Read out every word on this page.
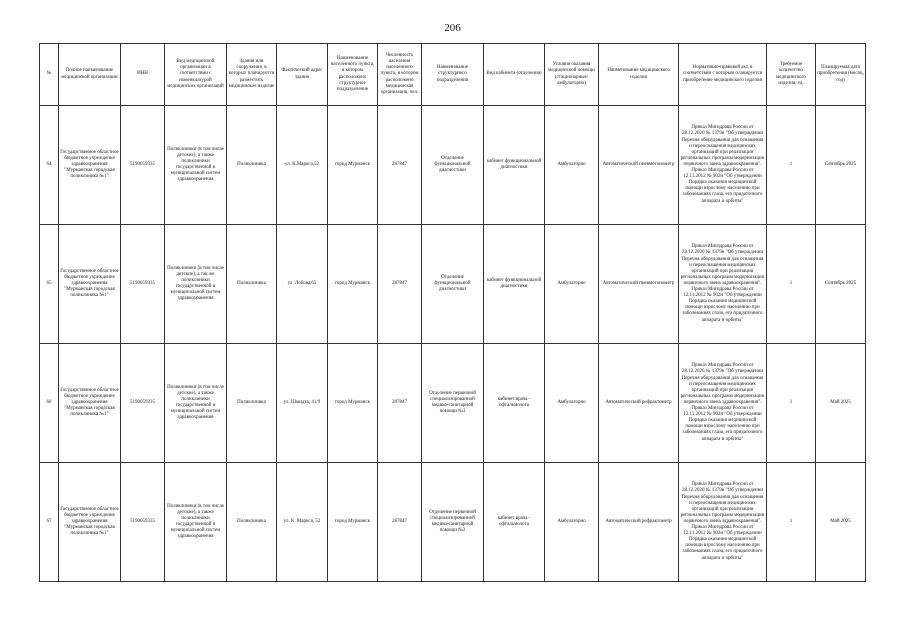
206
№	Полное наименование медицинской организации	ИНН	Вид медицинской организации в соответствии с номенклатурой медицинских организаций	Здания или сооружения, в которых планируется разместить медицинское изделие	Фактический адрес здания	Наименование населенного пункта, в котором расположено структурное подразделение	Численность населения населенного пункта, в котором расположено медицинская организация, чел.	Наименование структурного подразделения	Вид кабинета (отделения)	Условия оказания медицинской помощи (стационарные/амбулаторно)	Наименование медицинского изделия	Нормативно-правовой акт, в соответствии с которым планируется приобретение медицинского изделия	Требуемое количество медицинского изделия, ед.	Планируемая дата приобретения (месяц, год)
64	Государственное областное бюджетное учреждение здравоохранения "Мурманская городская поликлиника №1"	5190059335	Поликлиники (в том числе детские), а также поликлиники государственной и муниципальной систем здравоохранения	Поликлиника	ул. К.Маркса,52	город Мурманск	287847	Отделение функциональной диагностики	кабинет функциональной диагностики	Амбулаторно	Автоматический пневмотонометр	Приказ Минздрава России от 28.12.2020 № 1379н "Об утверждении Перечня оборудования для оснащения и переоснащения медицинских организаций при реализации региональных программ модернизации первичного звена здравоохранения". Приказ Минздрава России от 12.11.2012 № 902н "Об утверждении Порядка оказания медицинской помощи взрослому населению при заболеваниях глаза, его придаточного аппарата и орбиты"	1	Сентябрь 2025
65	Государственное областное бюджетное учреждение здравоохранения "Мурманская городская поликлиника №1"	5190059335	Поликлиники (в том числе детские), а так же поликлиники государственной и муниципальной систем здравоохранения	Поликлиника	ул. Лобова,65	город Мурманск	287847	Отделение функциональной диагностики	кабинет функциональной диагностики	Амбулаторно	Автоматический пневмотонометр	Приказ Минздрава России от 28.12.2020 № 1379н "Об утверждении Перечня оборудования для оснащения и переоснащения медицинских организаций при реализации региональных программ модернизации первичного звена здравоохранения". Приказ Минздрава России от 12.11.2012 № 902н "Об утверждении Порядка оказания медицинской помощи взрослому населению при заболеваниях глаза, его придаточного аппарата и орбиты"	1	Сентябрь 2025
66	Государственное областное бюджетное учреждение здравоохранения "Мурманская городская поликлиника №1"	5190059335	Поликлиники (в том числе детские), а также поликлиники государственной и муниципальной систем здравоохранения	Поликлиника	ул. Шмидта, 41/9	город Мурманск	287847	Отделение первичной специализированной медико-санитарной помощи №3	кабинет врача - офтальмолога	Амбулаторно	Автоматический рефрактометр	Приказ Минздрава России от 28.12.2020 № 1379н "Об утверждении Перечня оборудования для оснащения и переоснащения медицинских организаций при реализации региональных программ модернизации первичного звена здравоохранения". Приказ Минздрава России от 12.11.2012 № 902н "Об утверждении Порядка оказания медицинской помощи взрослому населению при заболеваниях глаза, его придаточного аппарата и орбиты"	1	Май 2025
67	Государственное областное бюджетное учреждение здравоохранения "Мурманская городская поликлиника №1"	5190059335	Поликлиники (в том числе детские), а также поликлиники государственной и муниципальной систем здравоохранения	Поликлиника	ул. К. Маркса, 52	город Мурманск	287847	Отделение первичной специализированной медико-санитарной помощи №2	кабинет врача - офтальмолога	Амбулаторно	Автоматический рефрактометр	Приказ Минздрава России от 28.12.2020 № 1379н "Об утверждении Перечня оборудования для оснащения и переоснащения медицинских организаций при реализации региональных программ модернизации первичного звена здравоохранения". Приказ Минздрава России от 12.11.2012 № 902н "Об утверждении Порядка оказания медицинской помощи взрослому населению при заболеваниях глаза, его придаточного аппарата и орбиты"	1	Май 2025
